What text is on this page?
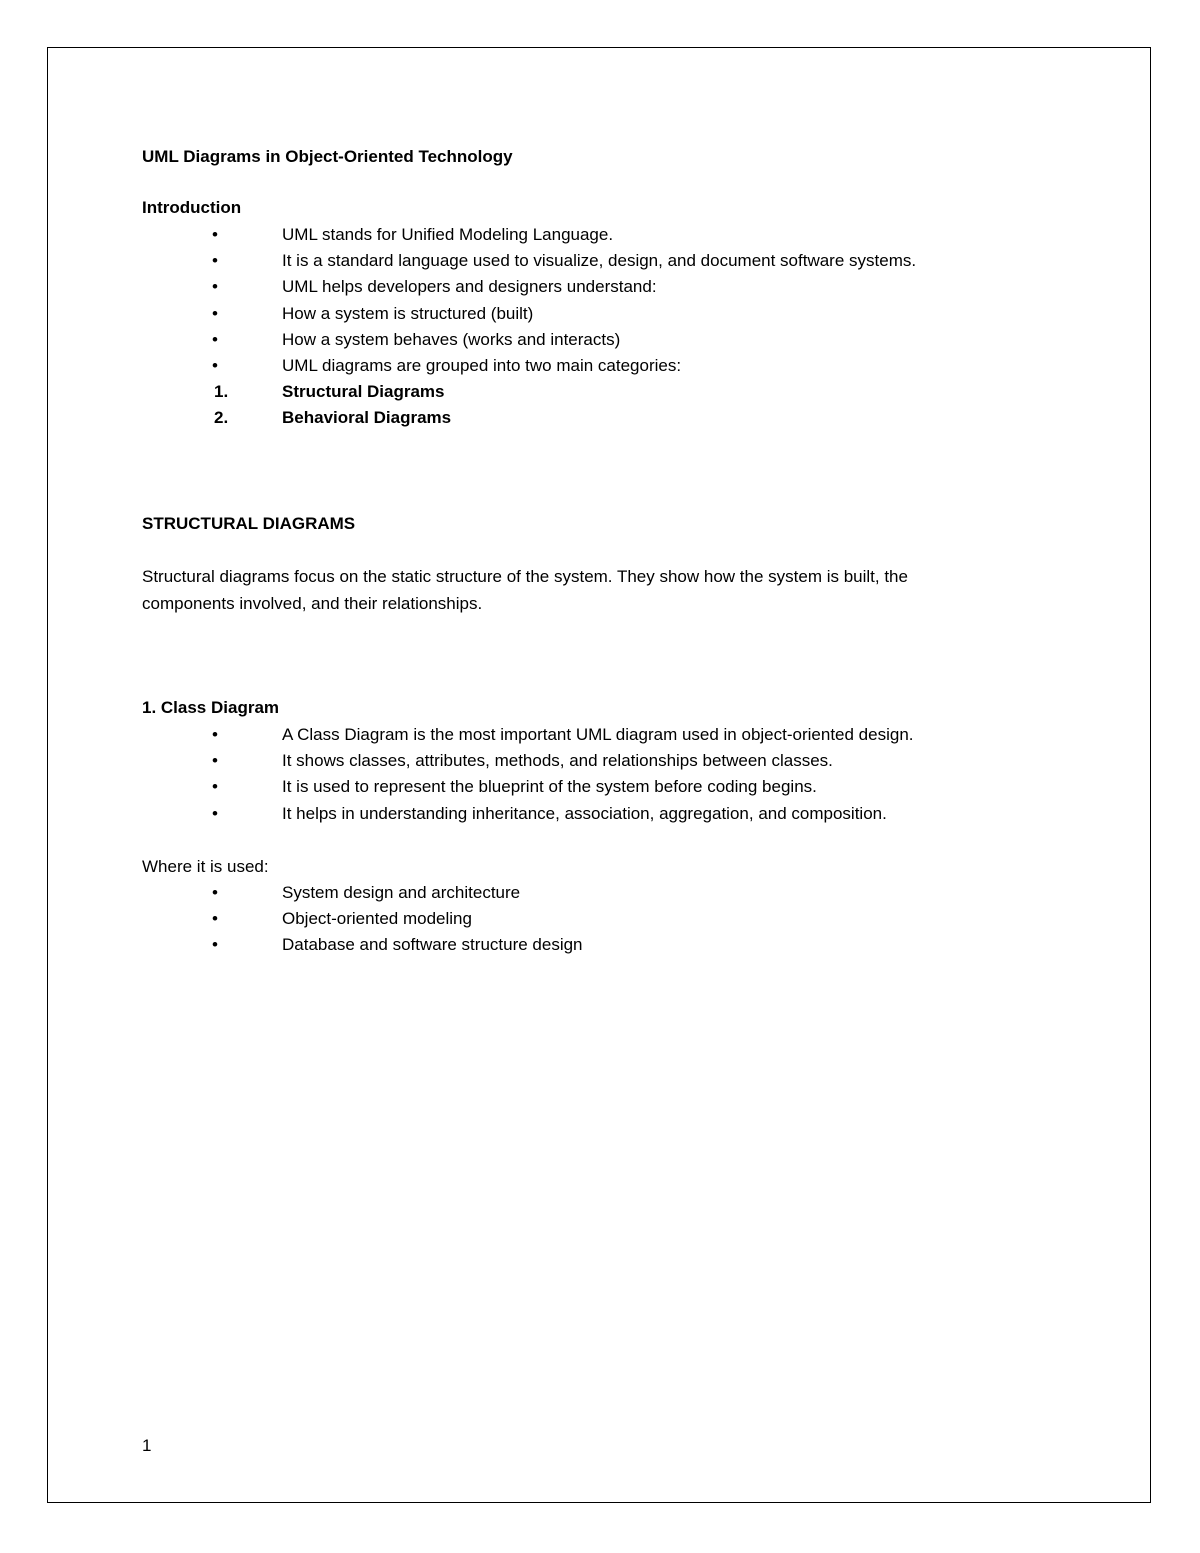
UML Diagrams in Object-Oriented Technology
Introduction
•	UML stands for Unified Modeling Language.
•	It is a standard language used to visualize, design, and document software systems.
•	UML helps developers and designers understand:
•	How a system is structured (built)
•	How a system behaves (works and interacts)
•	UML diagrams are grouped into two main categories:
1.	Structural Diagrams
2.	Behavioral Diagrams
STRUCTURAL DIAGRAMS
Structural diagrams focus on the static structure of the system. They show how the system is built, the
components involved, and their relationships.
1. Class Diagram
•	A Class Diagram is the most important UML diagram used in object-oriented design.
•	It shows classes, attributes, methods, and relationships between classes.
•	It is used to represent the blueprint of the system before coding begins.
•	It helps in understanding inheritance, association, aggregation, and composition.
Where it is used:
•	System design and architecture
•	Object-oriented modeling
•	Database and software structure design
1
